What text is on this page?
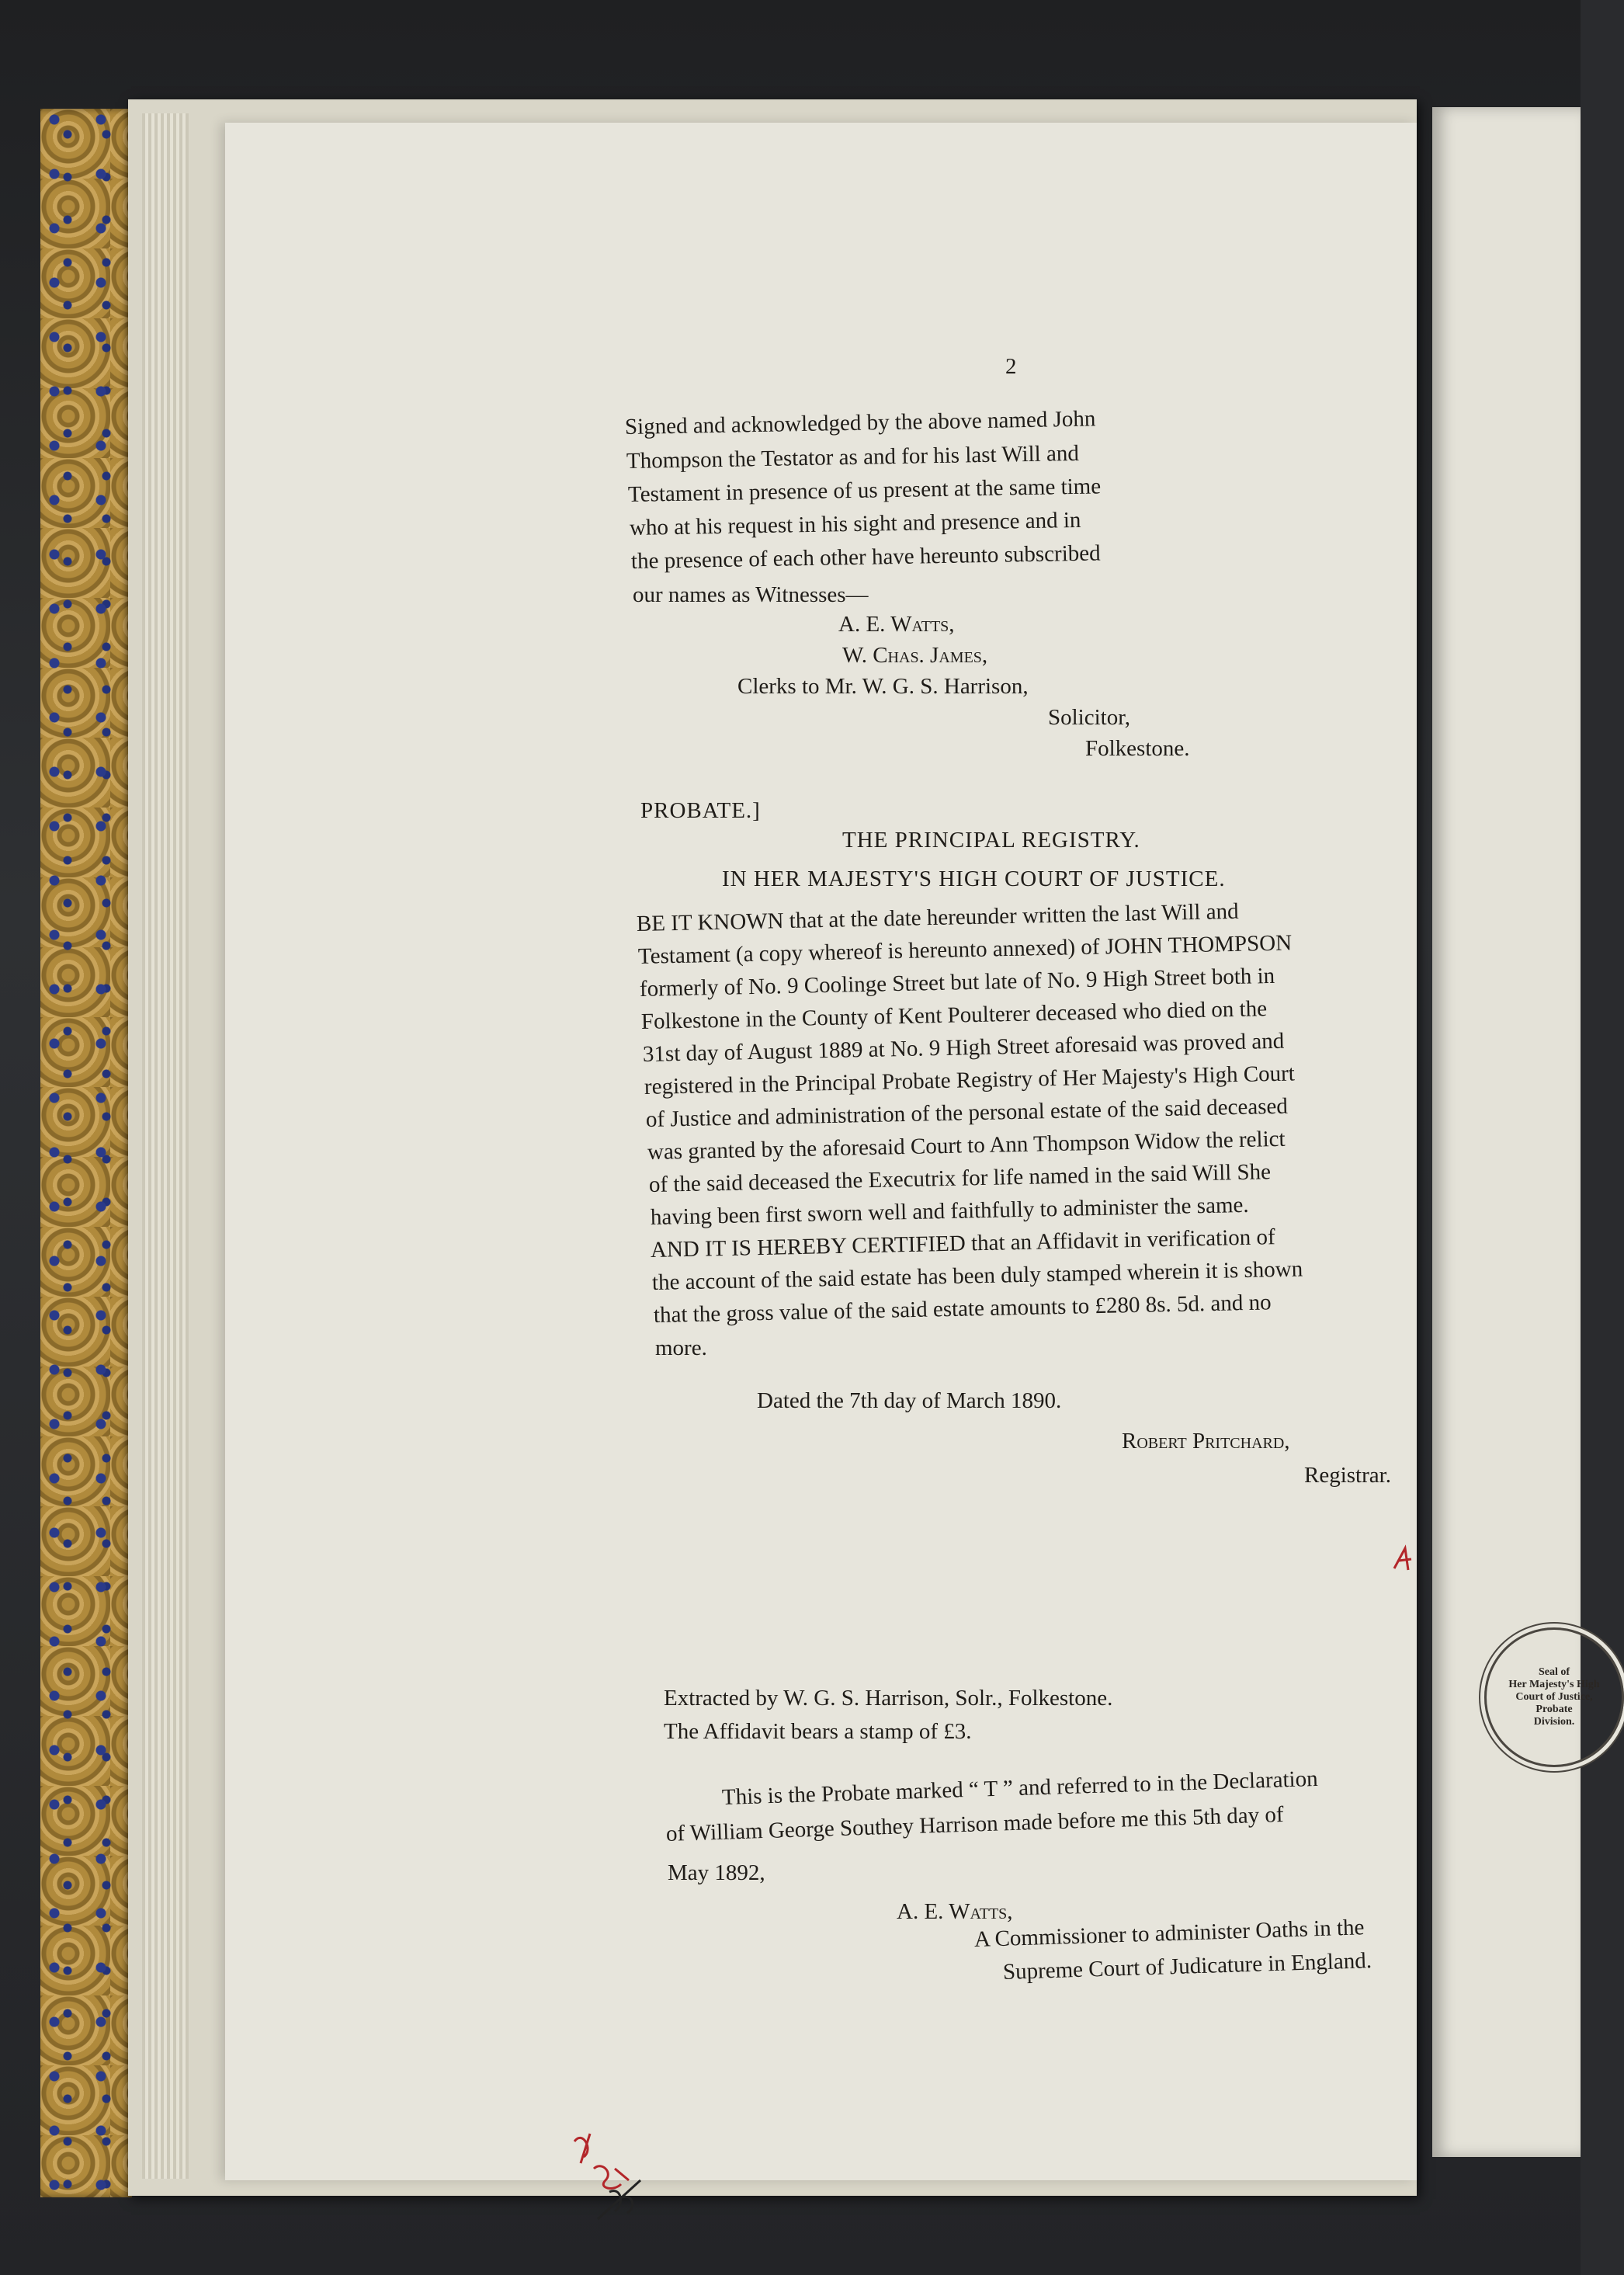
2
Signed and acknowledged by the above named John
Thompson the Testator as and for his last Will and
Testament in presence of us present at the same time
who at his request in his sight and presence and in
the presence of each other have hereunto subscribed
our names as Witnesses—
A. E. Watts,
W. Chas. James,
Clerks to Mr. W. G. S. Harrison,
Solicitor,
Folkestone.
PROBATE.]
THE PRINCIPAL REGISTRY.
IN HER MAJESTY'S HIGH COURT OF JUSTICE.
BE IT KNOWN that at the date hereunder written the last Will and
Testament (a copy whereof is hereunto annexed) of JOHN THOMPSON
formerly of No. 9 Coolinge Street but late of No. 9 High Street both in
Folkestone in the County of Kent Poulterer deceased who died on the
31st day of August 1889 at No. 9 High Street aforesaid was proved and
registered in the Principal Probate Registry of Her Majesty's High Court
of Justice and administration of the personal estate of the said deceased
was granted by the aforesaid Court to Ann Thompson Widow the relict
of the said deceased the Executrix for life named in the said Will She
having been first sworn well and faithfully to administer the same.
AND IT IS HEREBY CERTIFIED that an Affidavit in verification of
the account of the said estate has been duly stamped wherein it is shown
that the gross value of the said estate amounts to £280 8s. 5d. and no
more.
Dated the 7th day of March 1890.
Robert Pritchard,
Registrar.
Seal of
Her Majesty's High
Court of Justice,
Probate
Division.
Extracted by W. G. S. Harrison, Solr., Folkestone.
The Affidavit bears a stamp of £3.
This is the Probate marked “ T ” and referred to in the Declaration
of William George Southey Harrison made before me this 5th day of
May 1892,
A. E. Watts,
A Commissioner to administer Oaths in the
Supreme Court of Judicature in England.
